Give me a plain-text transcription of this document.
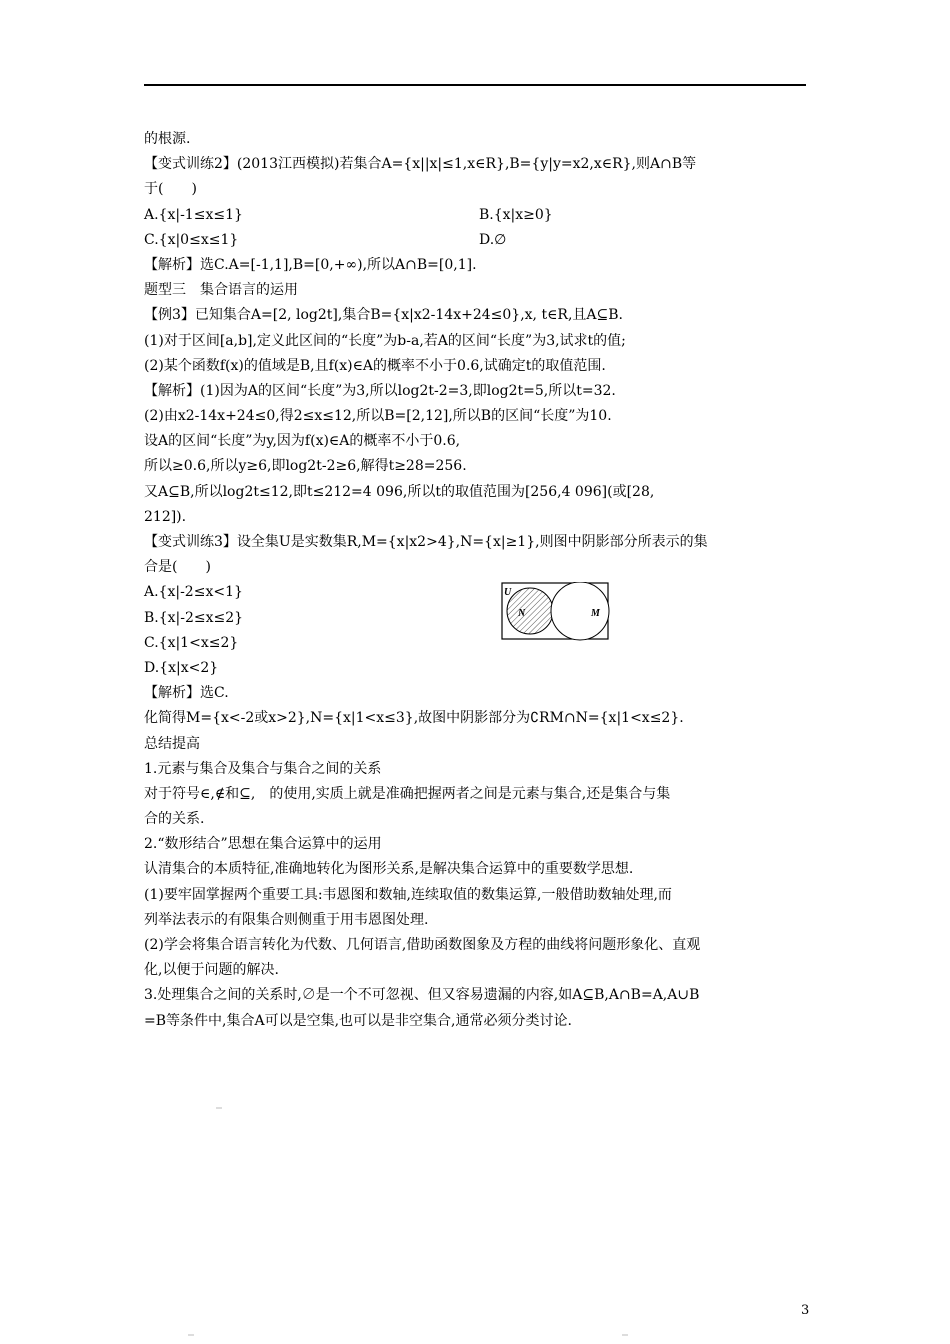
的根源.
【变式训练2】(2013江西模拟)若集合A={x||x|≤1,x∈R},B={y|y=x2,x∈R},则A∩B等
于(　　)
A.{x|-1≤x≤1}	B.{x|x≥0}
C.{x|0≤x≤1}	D.∅
【解析】选C.A=[-1,1],B=[0,+∞),所以A∩B=[0,1].
题型三　集合语言的运用
【例3】已知集合A=[2, log2t],集合B={x|x2-14x+24≤0},x, t∈R,且A⊆B.
(1)对于区间[a,b],定义此区间的“长度”为b-a,若A的区间“长度”为3,试求t的值;
(2)某个函数f(x)的值域是B,且f(x)∈A的概率不小于0.6,试确定t的取值范围.
【解析】(1)因为A的区间“长度”为3,所以log2t-2=3,即log2t=5,所以t=32.
(2)由x2-14x+24≤0,得2≤x≤12,所以B=[2,12],所以B的区间“长度”为10.
设A的区间“长度”为y,因为f(x)∈A的概率不小于0.6,
所以≥0.6,所以y≥6,即log2t-2≥6,解得t≥28=256.
又A⊆B,所以log2t≤12,即t≤212=4 096,所以t的取值范围为[256,4 096](或[28,
212]).
【变式训练3】设全集U是实数集R,M={x|x2>4},N={x|≥1},则图中阴影部分所表示的集
合是(　　)
A.{x|-2≤x<1}
B.{x|-2≤x≤2}
C.{x|1<x≤2}
D.{x|x<2}
U
N	M
【解析】选C.
化简得M={x<-2或x>2},N={x|1<x≤3},故图中阴影部分为∁RM∩N={x|1<x≤2}.
总结提高
1.元素与集合及集合与集合之间的关系
对于符号∈,∉和⊆,　的使用,实质上就是准确把握两者之间是元素与集合,还是集合与集
合的关系.
2.“数形结合”思想在集合运算中的运用
认清集合的本质特征,准确地转化为图形关系,是解决集合运算中的重要数学思想.
(1)要牢固掌握两个重要工具:韦恩图和数轴,连续取值的数集运算,一般借助数轴处理,而
列举法表示的有限集合则侧重于用韦恩图处理.
(2)学会将集合语言转化为代数、几何语言,借助函数图象及方程的曲线将问题形象化、直观
化,以便于问题的解决.
3.处理集合之间的关系时,∅是一个不可忽视、但又容易遗漏的内容,如A⊆B,A∩B=A,A∪B
=B等条件中,集合A可以是空集,也可以是非空集合,通常必须分类讨论.
3
